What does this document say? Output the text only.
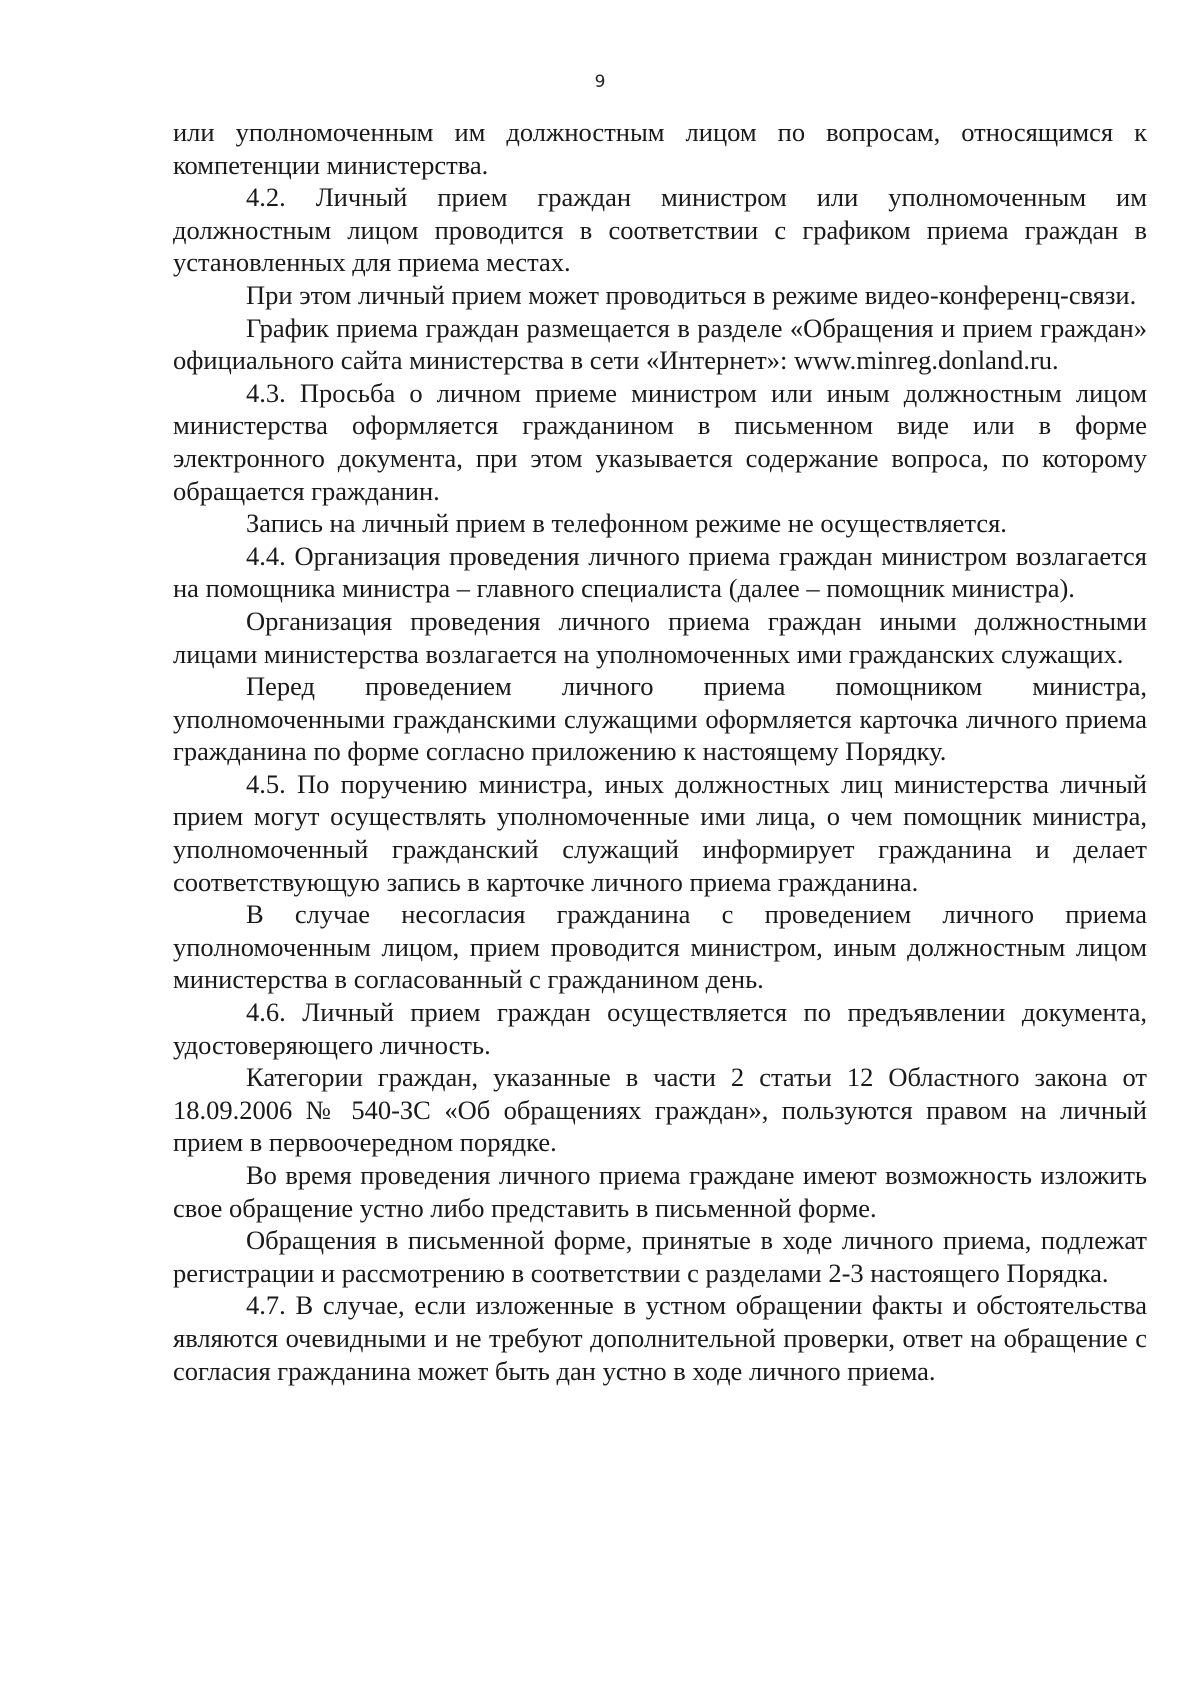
9

или уполномоченным им должностным лицом по вопросам, относящимся к компетенции министерства.

4.2. Личный прием граждан министром или уполномоченным им должностным лицом проводится в соответствии с графиком приема граждан в установленных для приема местах.

При этом личный прием может проводиться в режиме видео-конференц-связи.

График приема граждан размещается в разделе «Обращения и прием граждан» официального сайта министерства в сети «Интернет»: www.minreg.donland.ru.

4.3. Просьба о личном приеме министром или иным должностным лицом министерства оформляется гражданином в письменном виде или в форме электронного документа, при этом указывается содержание вопроса, по которому обращается гражданин.

Запись на личный прием в телефонном режиме не осуществляется.

4.4. Организация проведения личного приема граждан министром возлагается на помощника министра – главного специалиста (далее – помощник министра).

Организация проведения личного приема граждан иными должностными лицами министерства возлагается на уполномоченных ими гражданских служащих.

Перед проведением личного приема помощником министра, уполномоченными гражданскими служащими оформляется карточка личного приема гражданина по форме согласно приложению к настоящему Порядку.

4.5. По поручению министра, иных должностных лиц министерства личный прием могут осуществлять уполномоченные ими лица, о чем помощник министра, уполномоченный гражданский служащий информирует гражданина и делает соответствующую запись в карточке личного приема гражданина.

В случае несогласия гражданина с проведением личного приема уполномоченным лицом, прием проводится министром, иным должностным лицом министерства в согласованный с гражданином день.

4.6. Личный прием граждан осуществляется по предъявлении документа, удостоверяющего личность.

Категории граждан, указанные в части 2 статьи 12 Областного закона от 18.09.2006 № 540-ЗС «Об обращениях граждан», пользуются правом на личный прием в первоочередном порядке.

Во время проведения личного приема граждане имеют возможность изложить свое обращение устно либо представить в письменной форме.

Обращения в письменной форме, принятые в ходе личного приема, подлежат регистрации и рассмотрению в соответствии с разделами 2-3 настоящего Порядка.

4.7. В случае, если изложенные в устном обращении факты и обстоятельства являются очевидными и не требуют дополнительной проверки, ответ на обращение с согласия гражданина может быть дан устно в ходе личного приема.
